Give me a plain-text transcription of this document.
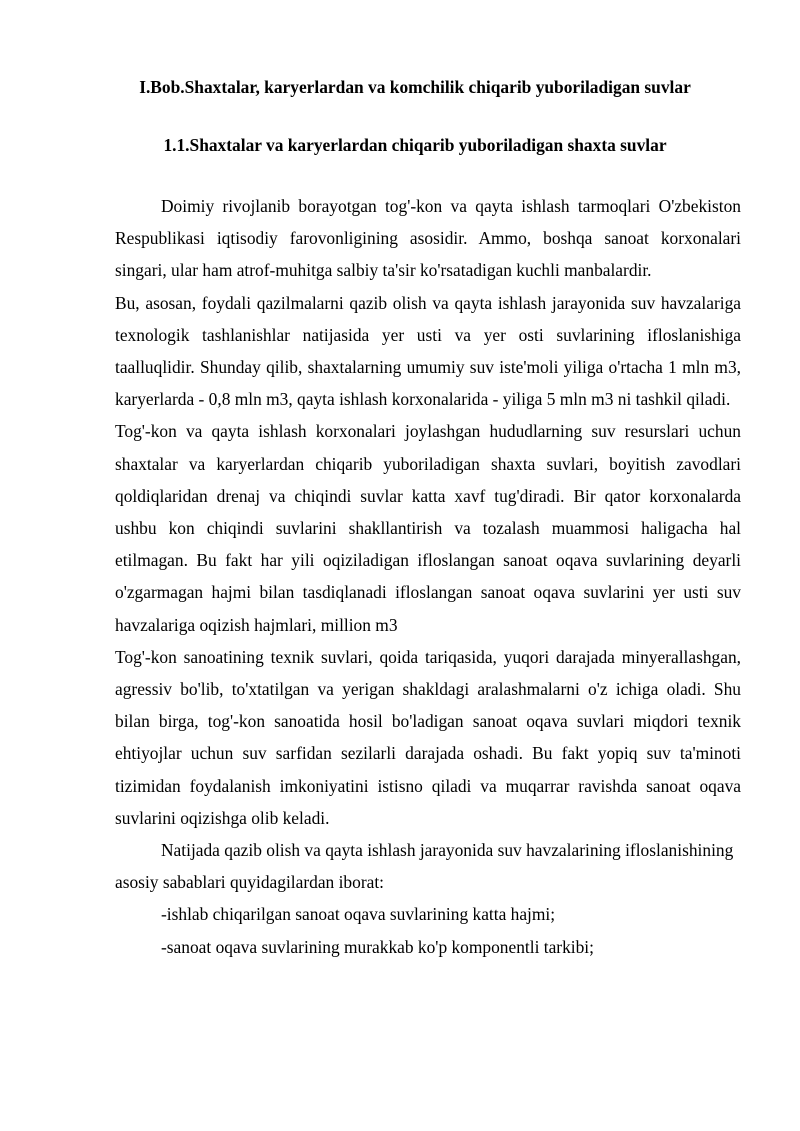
I.Bob.Shaxtalar, karyerlardan va komchilik chiqarib yuboriladigan suvlar
1.1.Shaxtalar va karyerlardan chiqarib yuboriladigan shaxta suvlar

Doimiy rivojlanib borayotgan tog'-kon va qayta ishlash tarmoqlari O'zbekiston Respublikasi iqtisodiy farovonligining asosidir. Ammo, boshqa sanoat korxonalari singari, ular ham atrof-muhitga salbiy ta'sir ko'rsatadigan kuchli manbalardir.

Bu, asosan, foydali qazilmalarni qazib olish va qayta ishlash jarayonida suv havzalariga texnologik tashlanishlar natijasida yer usti va yer osti suvlarining ifloslanishiga taalluqlidir. Shunday qilib, shaxtalarning umumiy suv iste'moli yiliga o'rtacha 1 mln m3, karyerlarda - 0,8 mln m3, qayta ishlash korxonalarida - yiliga 5 mln m3 ni tashkil qiladi.

Tog'-kon va qayta ishlash korxonalari joylashgan hududlarning suv resurslari uchun shaxtalar va karyerlardan chiqarib yuboriladigan shaxta suvlari, boyitish zavodlari qoldiqlaridan drenaj va chiqindi suvlar katta xavf tug'diradi. Bir qator korxonalarda ushbu kon chiqindi suvlarini shakllantirish va tozalash muammosi haligacha hal etilmagan. Bu fakt har yili oqiziladigan ifloslangan sanoat oqava suvlarining deyarli o'zgarmagan hajmi bilan tasdiqlanadi ifloslangan sanoat oqava suvlarini yer usti suv havzalariga oqizish hajmlari, million m3

Tog'-kon sanoatining texnik suvlari, qoida tariqasida, yuqori darajada minyerallashgan, agressiv bo'lib, to'xtatilgan va yerigan shakldagi aralashmalarni o'z ichiga oladi. Shu bilan birga, tog'-kon sanoatida hosil bo'ladigan sanoat oqava suvlari miqdori texnik ehtiyojlar uchun suv sarfidan sezilarli darajada oshadi. Bu fakt yopiq suv ta'minoti tizimidan foydalanish imkoniyatini istisno qiladi va muqarrar ravishda sanoat oqava suvlarini oqizishga olib keladi.

Natijada qazib olish va qayta ishlash jarayonida suv havzalarining ifloslanishining asosiy sabablari quyidagilardan iborat:

-ishlab chiqarilgan sanoat oqava suvlarining katta hajmi;

-sanoat oqava suvlarining murakkab ko'p komponentli tarkibi;
